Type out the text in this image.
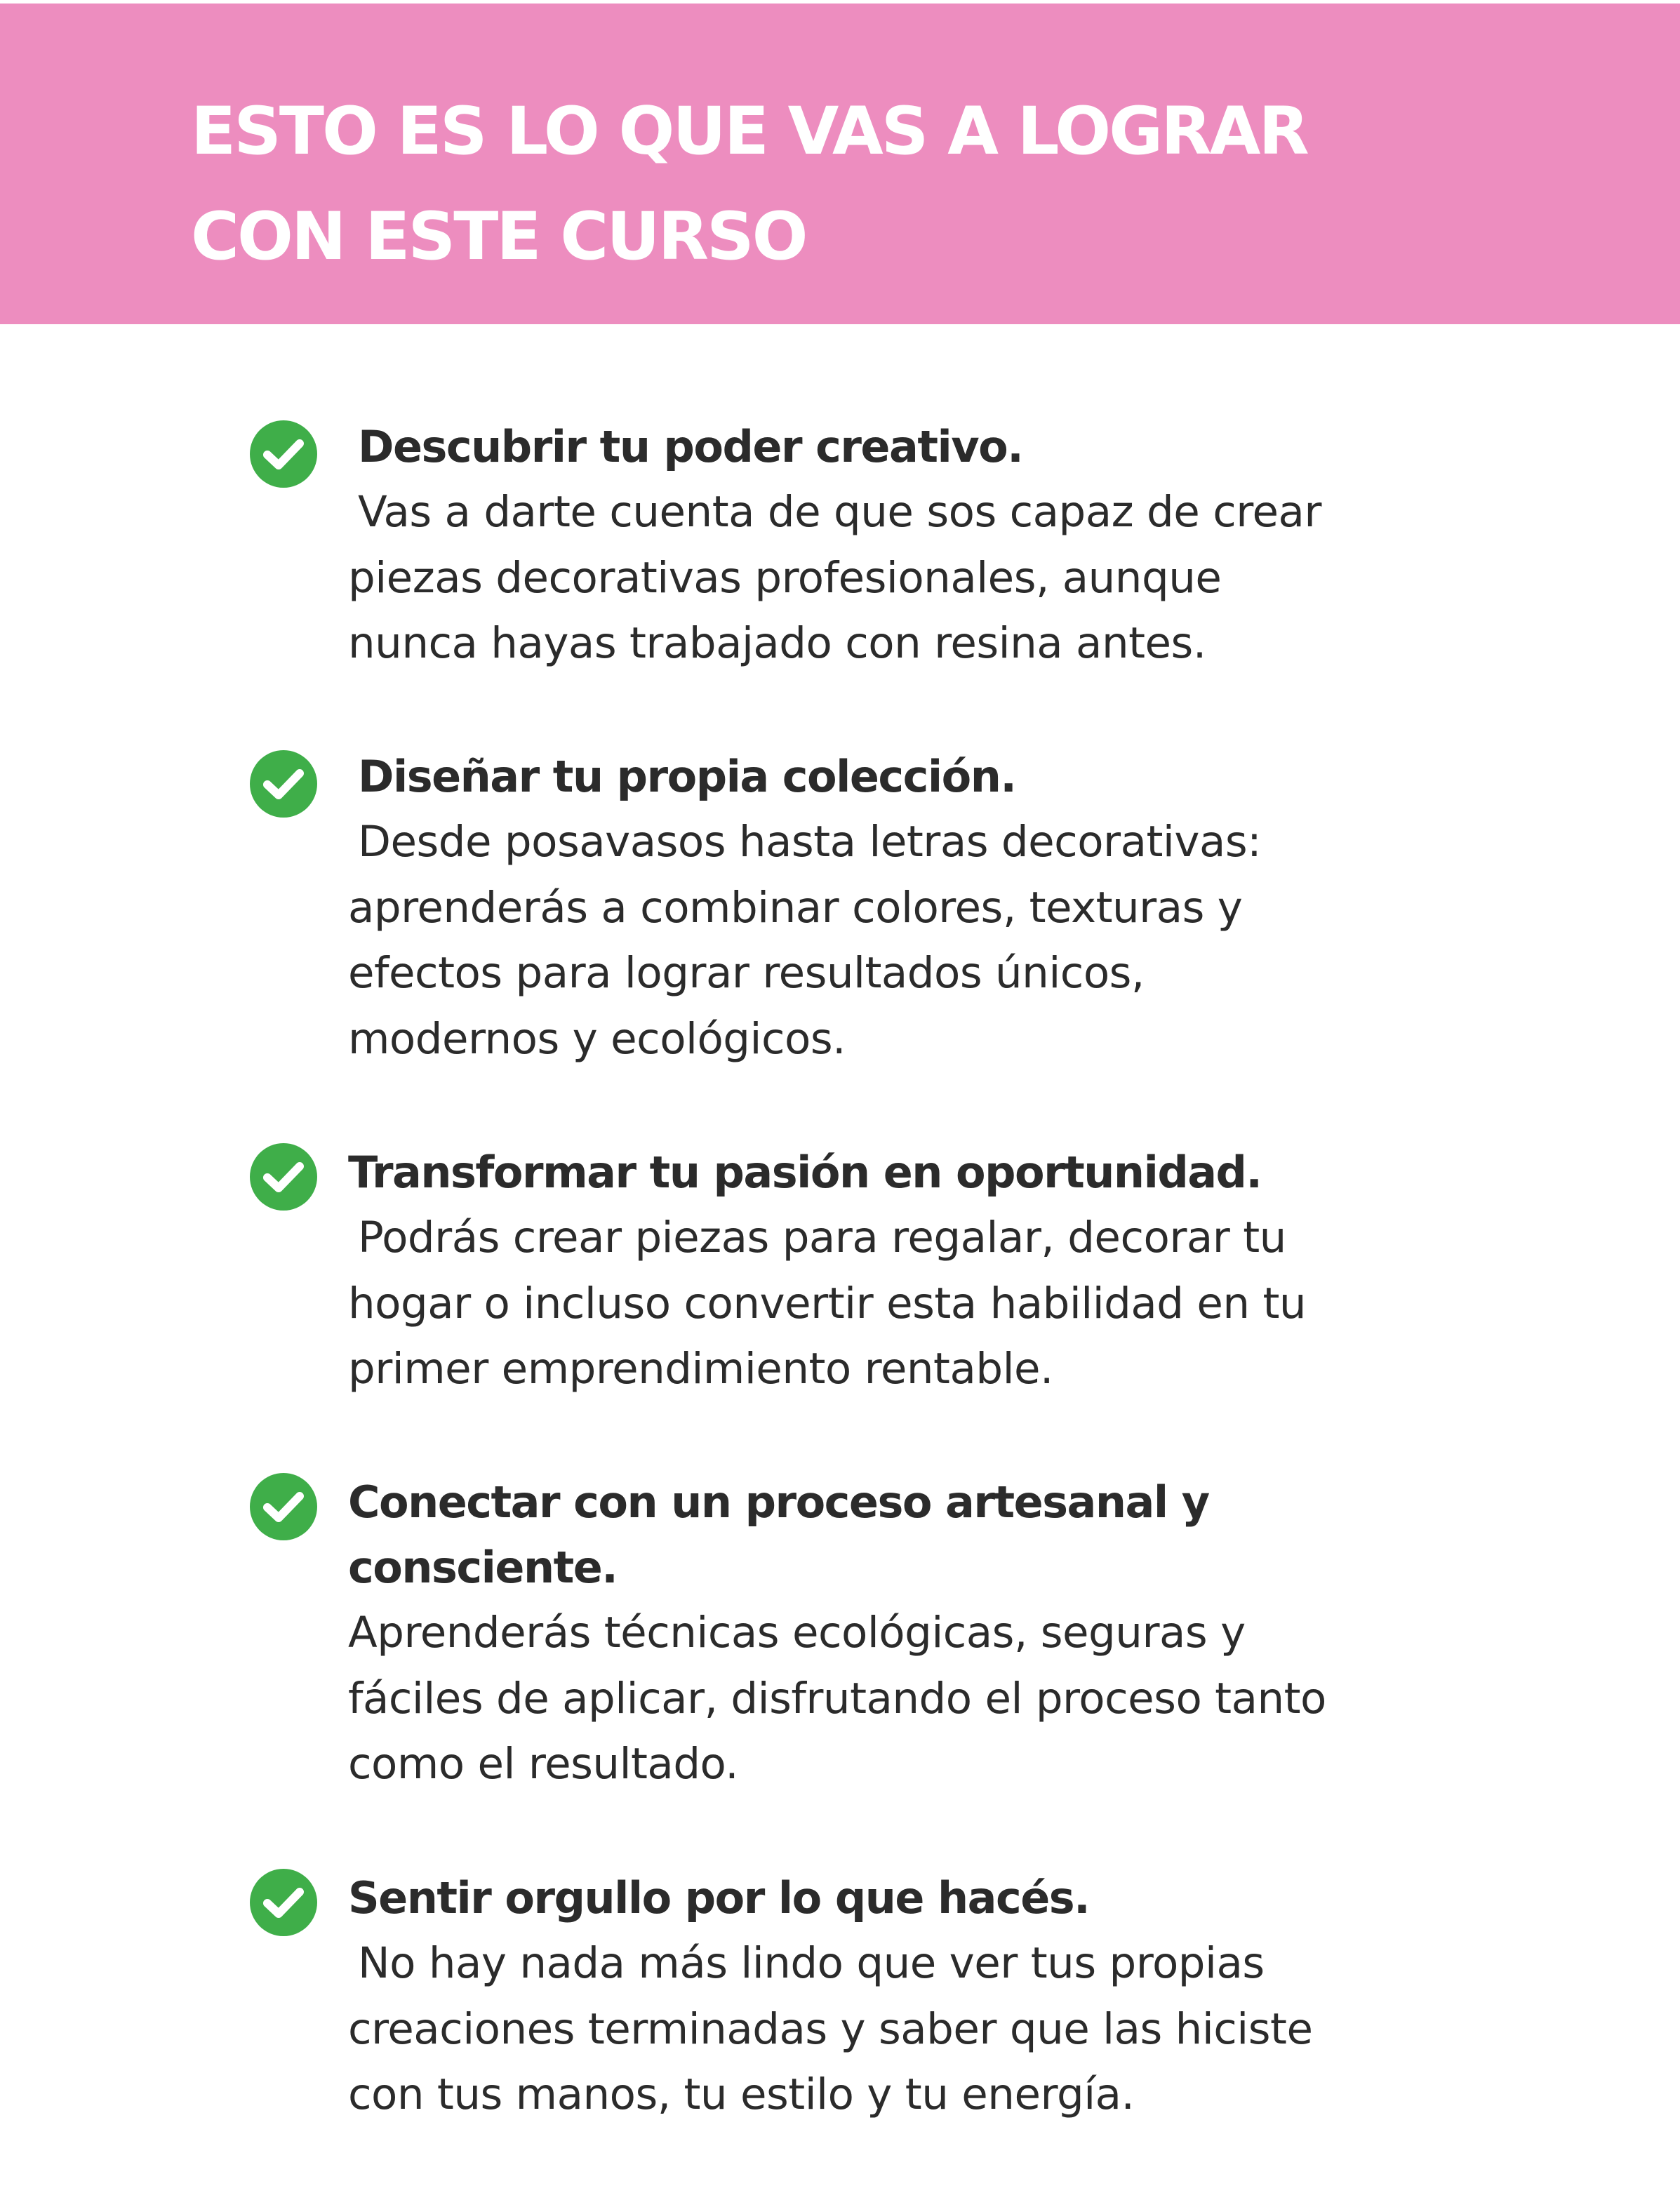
ESTO ES LO QUE VAS A LOGRAR
CON ESTE CURSO

Descubrir tu poder creativo.

Vas a darte cuenta de que sos capaz de crear
piezas decorativas profesionales, aunque
nunca hayas trabajado con resina antes.

Diseñar tu propia colección.

Desde posavasos hasta letras decorativas:
aprenderás a combinar colores, texturas y
efectos para lograr resultados únicos,
modernos y ecológicos.

Transformar tu pasión en oportunidad.

Podrás crear piezas para regalar, decorar tu
hogar o incluso convertir esta habilidad en tu
primer emprendimiento rentable.

Conectar con un proceso artesanal y
consciente.

Aprenderás técnicas ecológicas, seguras y
fáciles de aplicar, disfrutando el proceso tanto
como el resultado.

Sentir orgullo por lo que hacés.

No hay nada más lindo que ver tus propias
creaciones terminadas y saber que las hiciste
con tus manos, tu estilo y tu energía.
